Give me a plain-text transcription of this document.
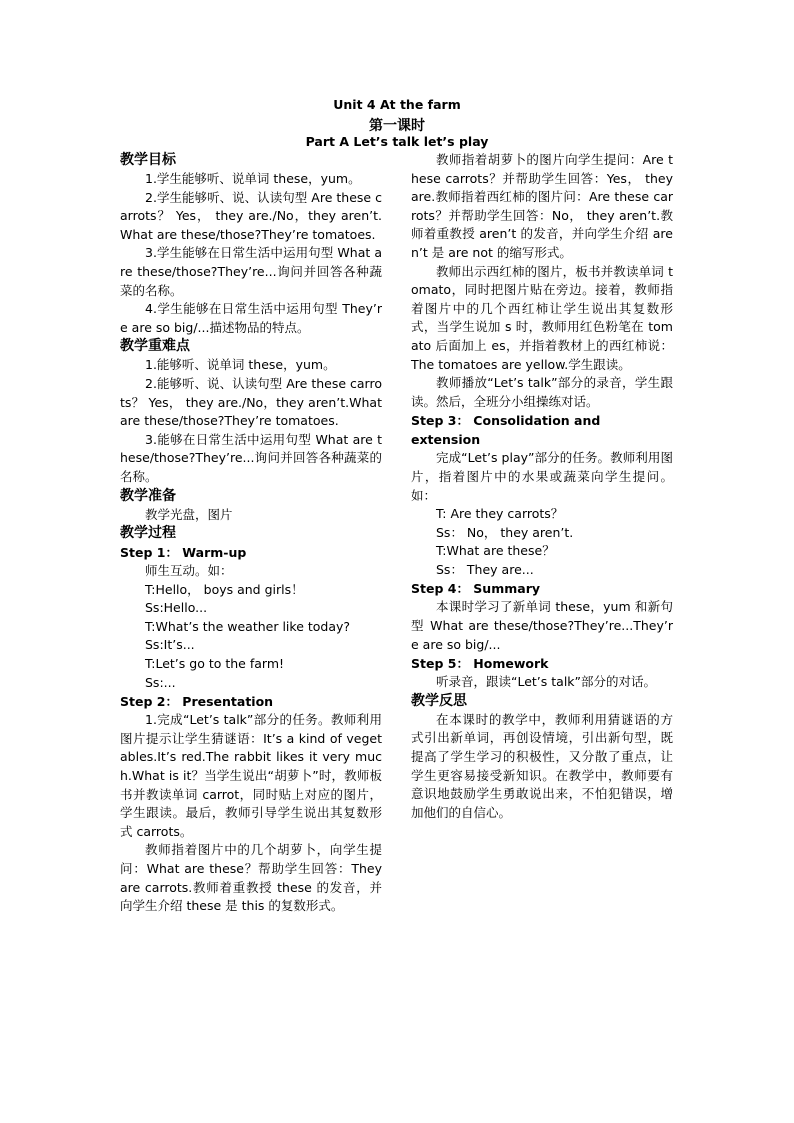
Unit 4 At the farm
第一课时
Part A Let’s talk let’s play
教学目标

1.学生能够听、说单词 these，yum。

2.学生能够听、说、认读句型 Are these carrots？ Yes， they are./No，they aren’t.What are these/those?They’re tomatoes.

3.学生能够在日常生活中运用句型 What are these/those?They’re...询问并回答各种蔬菜的名称。

4.学生能够在日常生活中运用句型 They’re are so big/...描述物品的特点。

教学重难点

1.能够听、说单词 these，yum。

2.能够听、说、认读句型 Are these carrots？ Yes， they are./No，they aren’t.What are these/those?They’re tomatoes.

3.能够在日常生活中运用句型 What are these/those?They’re...询问并回答各种蔬菜的名称。

教学准备

教学光盘，图片

教学过程
Step 1： Warm-up

师生互动。如：

T:Hello， boys and girls！

Ss:Hello...

T:What’s the weather like today?

Ss:It’s...

T:Let’s go to the farm!

Ss:...

Step 2： Presentation

1.完成“Let’s talk”部分的任务。教师利用图片提示让学生猜谜语：It’s a kind of vegetables.It’s red.The rabbit likes it very much.What is it？当学生说出“胡萝卜”时，教师板书并教读单词 carrot，同时贴上对应的图片，学生跟读。最后，教师引导学生说出其复数形式 carrots。

教师指着图片中的几个胡萝卜，向学生提问：What are these？帮助学生回答：They are carrots.教师着重教授 these 的发音，并向学生介绍 these 是 this 的复数形式。

教师指着胡萝卜的图片向学生提问：Are these carrots？并帮助学生回答：Yes， they are.教师指着西红柿的图片问：Are these carrots？并帮助学生回答：No， they aren’t.教师着重教授 aren’t 的发音，并向学生介绍 aren’t 是 are not 的缩写形式。

教师出示西红柿的图片，板书并教读单词 tomato，同时把图片贴在旁边。接着，教师指着图片中的几个西红柿让学生说出其复数形式，当学生说加 s 时，教师用红色粉笔在 tomato 后面加上 es，并指着教材上的西红柿说：The tomatoes are yellow.学生跟读。

教师播放“Let’s talk”部分的录音，学生跟读。然后，全班分小组操练对话。

Step 3： Consolidation and extension

完成“Let’s play”部分的任务。教师利用图片，指着图片中的水果或蔬菜向学生提问。如：

T: Are they carrots？

Ss： No， they aren’t.

T:What are these？

Ss： They are...

Step 4： Summary

本课时学习了新单词 these，yum 和新句型 What are these/those?They’re...They’re are so big/...

Step 5： Homework

听录音，跟读“Let’s talk”部分的对话。

教学反思

在本课时的教学中，教师利用猜谜语的方式引出新单词，再创设情境，引出新句型，既提高了学生学习的积极性，又分散了重点，让学生更容易接受新知识。在教学中，教师要有意识地鼓励学生勇敢说出来，不怕犯错误，增加他们的自信心。
